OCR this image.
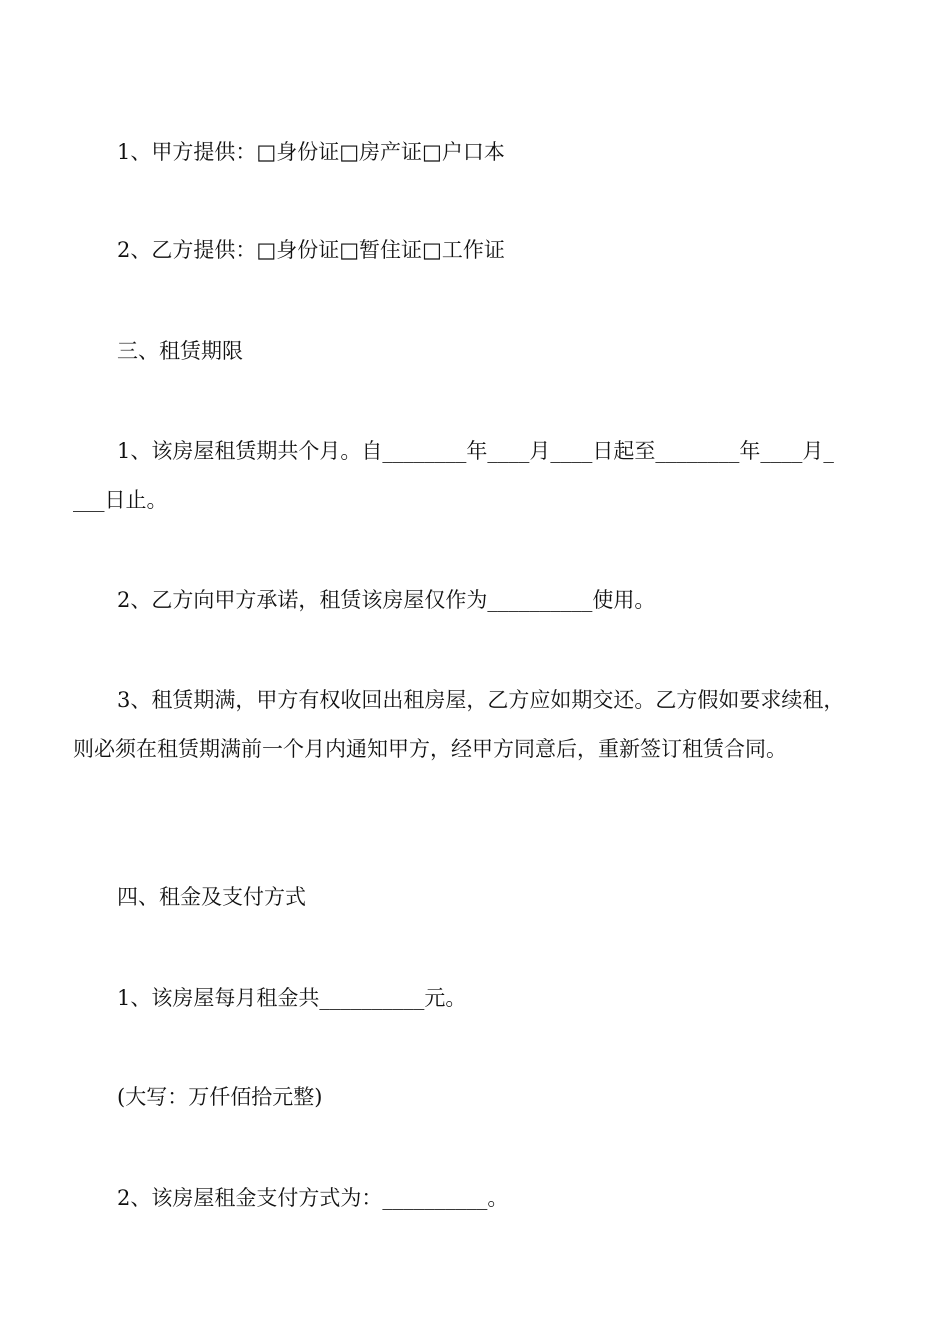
1、甲方提供：□身份证□房产证□户口本
2、乙方提供：□身份证□暂住证□工作证
三、租赁期限
1、该房屋租赁期共个月。自________年____月____日起至________年____月_
___日止。
2、乙方向甲方承诺，租赁该房屋仅作为__________使用。
3、租赁期满，甲方有权收回出租房屋，乙方应如期交还。乙方假如要求续租，
则必须在租赁期满前一个月内通知甲方，经甲方同意后，重新签订租赁合同。
四、租金及支付方式
1、该房屋每月租金共__________元。
(大写：万仟佰拾元整)
2、该房屋租金支付方式为：__________。
